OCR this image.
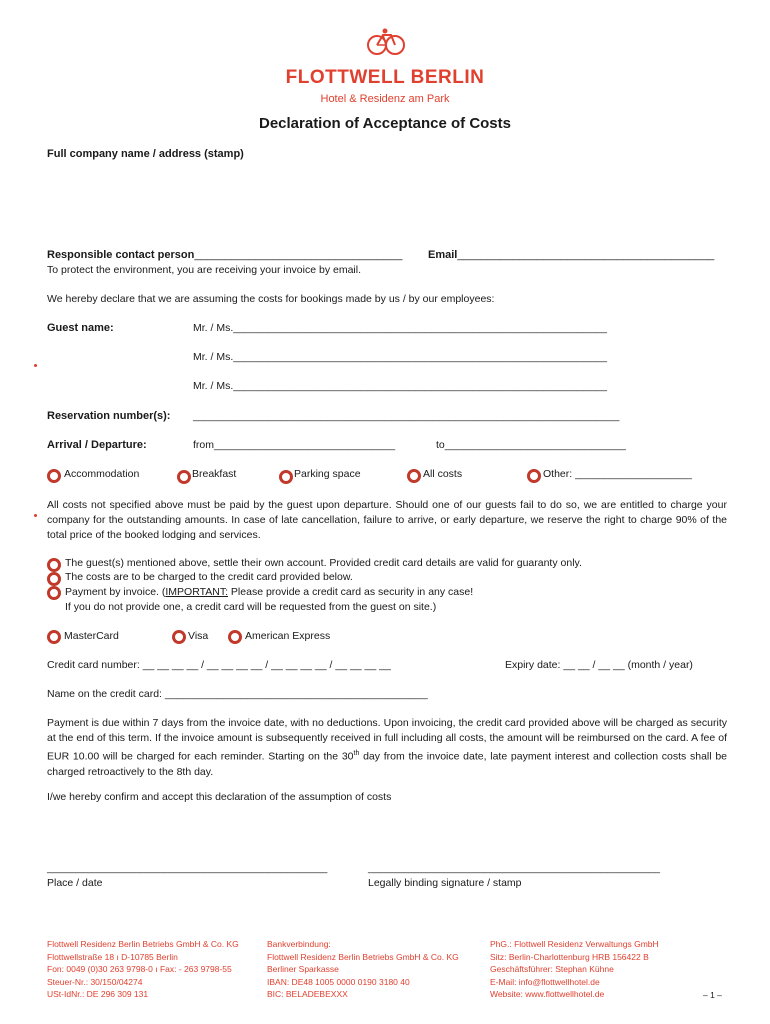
FLOTTWELL BERLIN
Hotel & Residenz am Park
Declaration of Acceptance of Costs
Full company name / address (stamp)
Responsible contact person__________________________________ Email__________________________________________
To protect the environment, you are receiving your invoice by email.
We hereby declare that we are assuming the costs for bookings made by us / by our employees:
Guest name:	Mr. / Ms.________________________________________________________________
Mr. / Ms.________________________________________________________________
Mr. / Ms.________________________________________________________________
Reservation number(s): _________________________________________________________________________
Arrival / Departure:	from_______________________________	to_______________________________
Accommodation	Breakfast	Parking space	All costs	Other: ____________________
All costs not specified above must be paid by the guest upon departure. Should one of our guests fail to do so, we are entitled to charge your company for the outstanding amounts. In case of late cancellation, failure to arrive, or early departure, we reserve the right to charge 90% of the total price of the booked lodging and services.
The guest(s) mentioned above, settle their own account. Provided credit card details are valid for guaranty only.
The costs are to be charged to the credit card provided below.
Payment by invoice. (IMPORTANT: Please provide a credit card as security in any case!
If you do not provide one, a credit card will be requested from the guest on site.)
MasterCard	Visa	American Express
Credit card number: __ __ __ __ / __ __ __ __ / __ __ __ __ / __ __ __ __	Expiry date: __ __ / __ __ (month / year)
Name on the credit card: _____________________________________________
Payment is due within 7 days from the invoice date, with no deductions. Upon invoicing, the credit card provided above will be charged as security at the end of this term. If the invoice amount is subsequently received in full including all costs, the amount will be reimbursed on the card. A fee of EUR 10.00 will be charged for each reminder. Starting on the 30th day from the invoice date, late payment interest and collection costs shall be charged retroactively to the 8th day.
I/we hereby confirm and accept this declaration of the assumption of costs
________________________________________________
Place / date
__________________________________________________
Legally binding signature / stamp
Flottwell Residenz Berlin Betriebs GmbH & Co. KG
Flottwellstraße 18 ı D-10785 Berlin
Fon: 0049 (0)30 263 9798-0 ı Fax: - 263 9798-55
Steuer-Nr.: 30/150/04274
USt-IdNr.: DE 296 309 131
Bankverbindung:
Flottwell Residenz Berlin Betriebs GmbH & Co. KG
Berliner Sparkasse
IBAN: DE48 1005 0000 0190 3180 40
BIC: BELADEBEXXX
PhG.: Flottwell Residenz Verwaltungs GmbH
Sitz: Berlin-Charlottenburg HRB 156422 B
Geschäftsführer: Stephan Kühne
E-Mail: info@flottwellhotel.de
Website: www.flottwellhotel.de	– 1 –
